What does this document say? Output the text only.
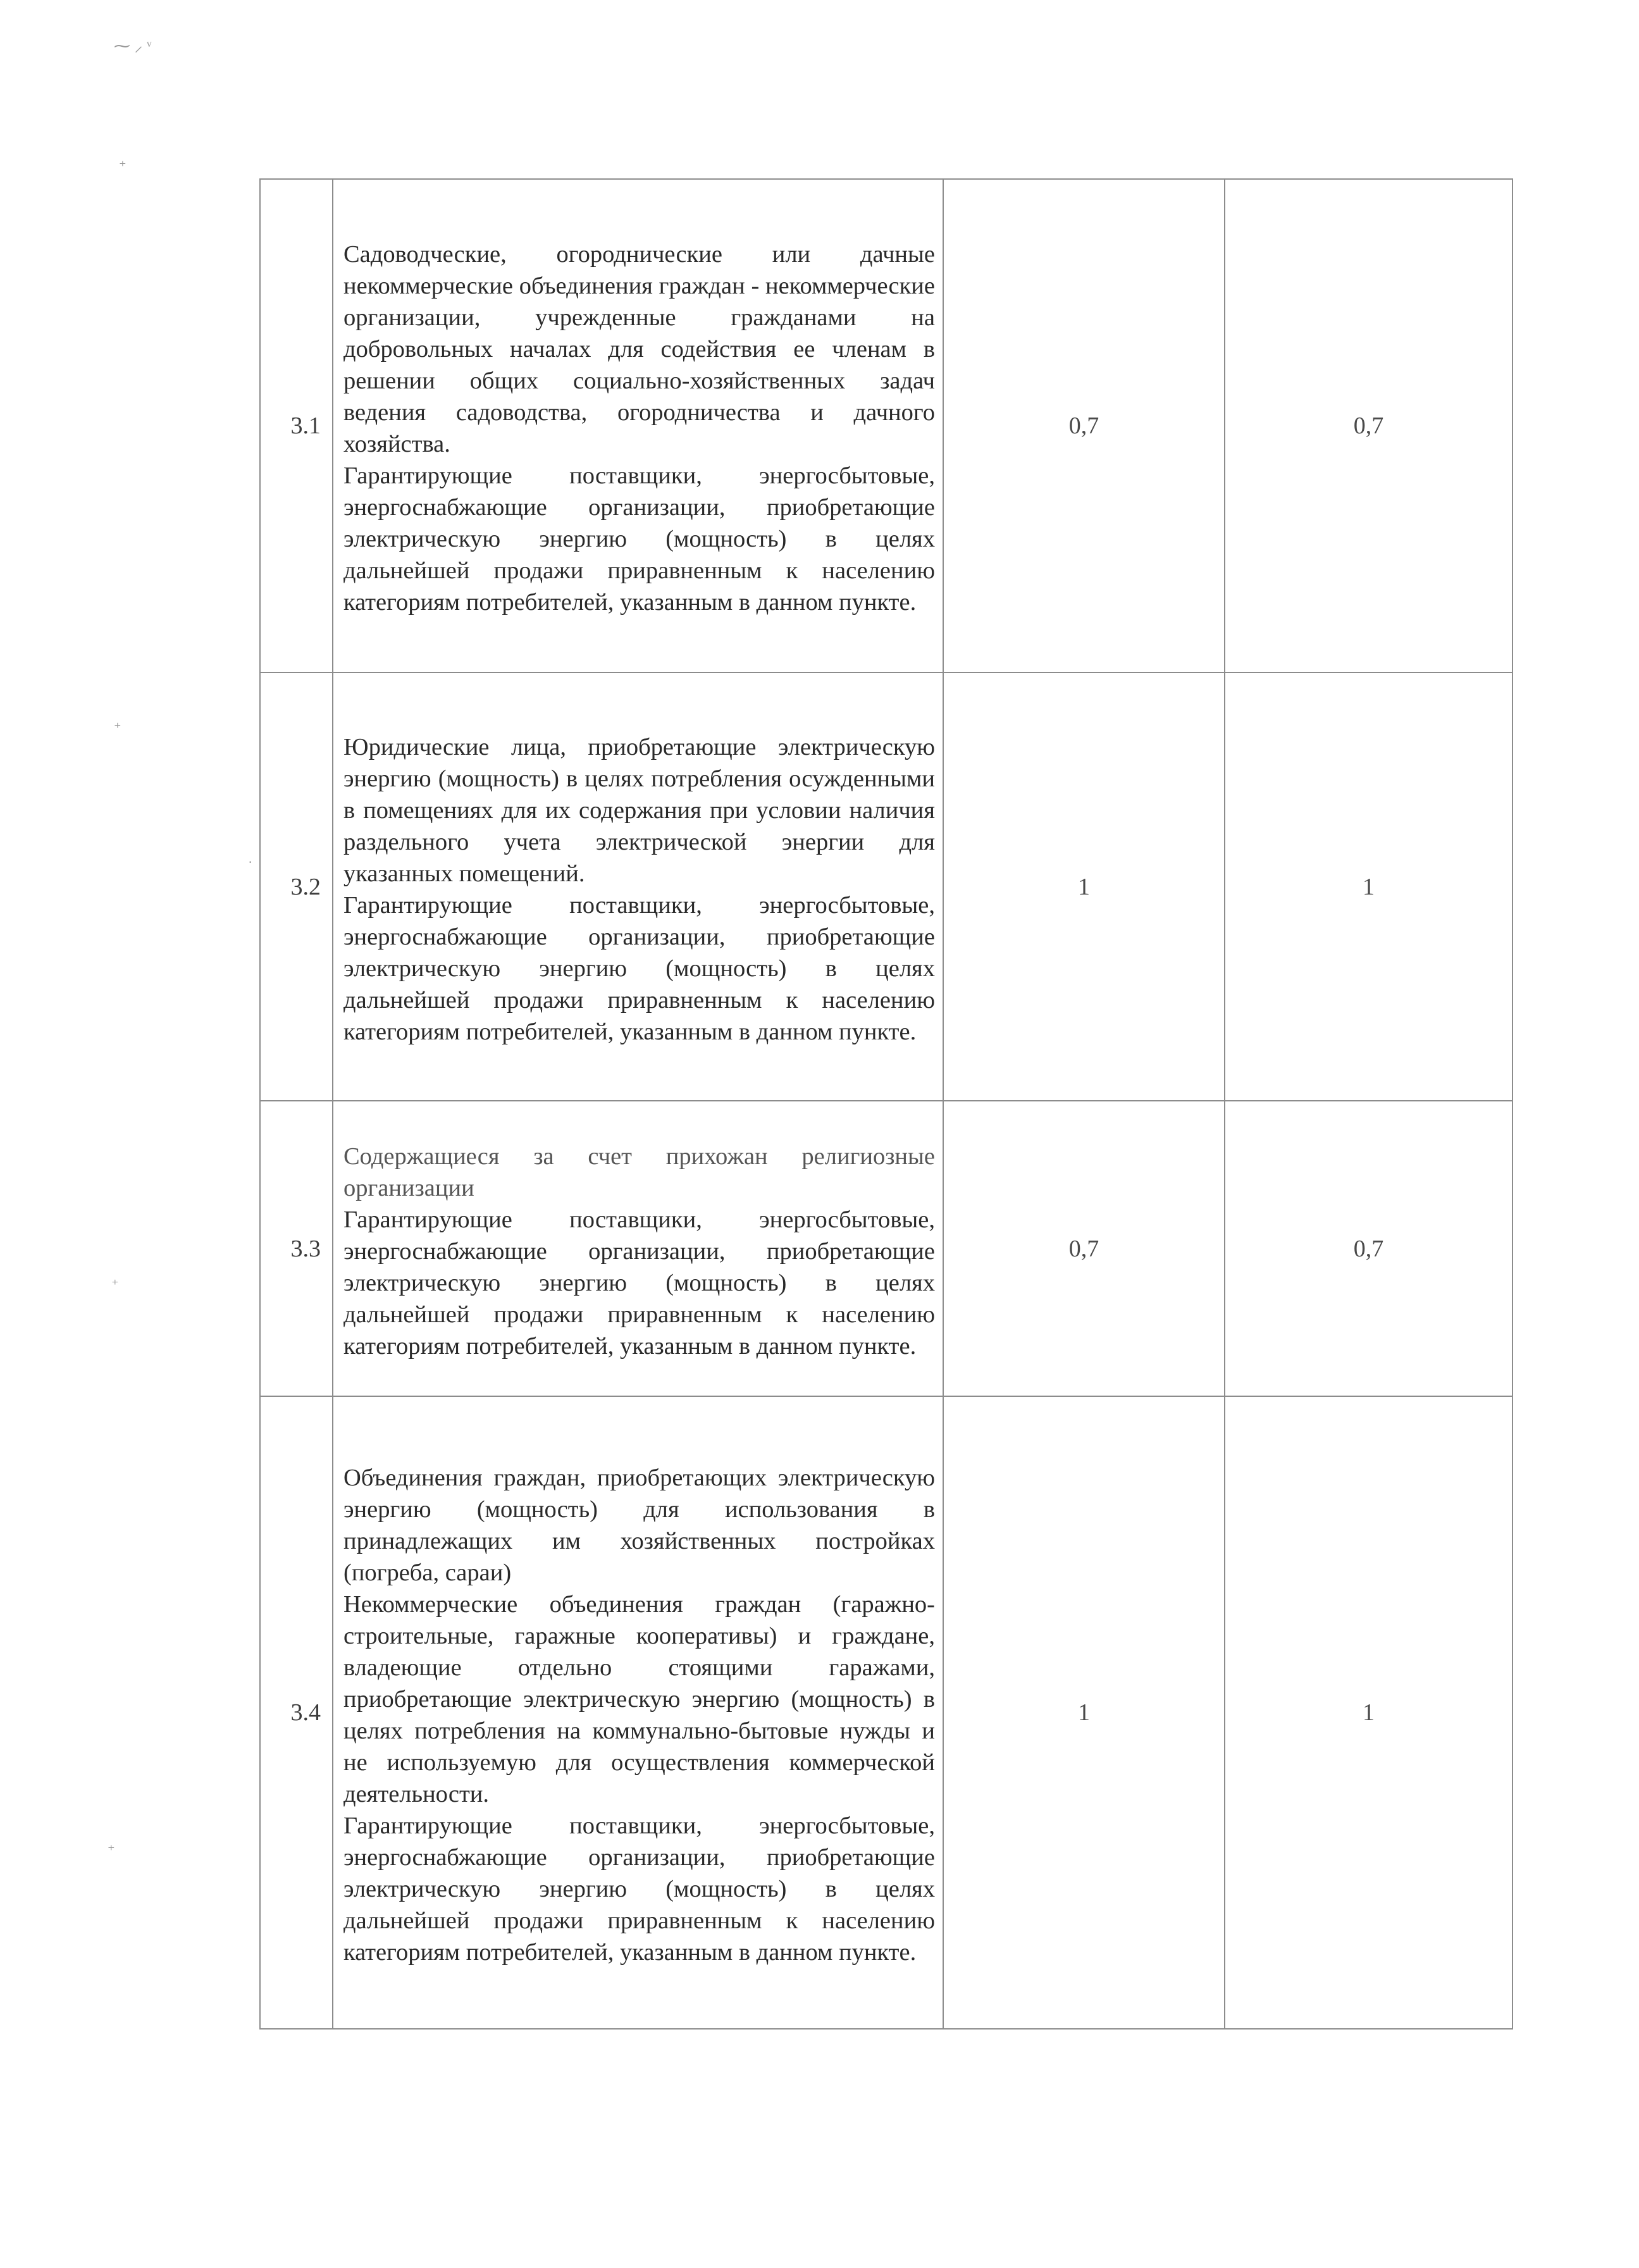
⁓ ⸝ ᵛ
⁺
⁺
·
⁺
⁺
3.1	Садоводческие, огороднические или дачные некоммерческие объединения граждан - некоммерческие организации, учрежденные гражданами на добровольных началах для содействия ее членам в решении общих социально-хозяйственных задач ведения садоводства, огородничества и дачного хозяйства.

Гарантирующие поставщики, энергосбытовые, энергоснабжающие организации, приобретающие электрическую энергию (мощность) в целях дальнейшей продажи приравненным к населению категориям потребителей, указанным в данном пункте.	0,7	0,7
3.2	Юридические лица, приобретающие электрическую энергию (мощность) в целях потребления осужденными в помещениях для их содержания при условии наличия раздельного учета электрической энергии для указанных помещений.

Гарантирующие поставщики, энергосбытовые, энергоснабжающие организации, приобретающие электрическую энергию (мощность) в целях дальнейшей продажи приравненным к населению категориям потребителей, указанным в данном пункте.	1	1
3.3	Содержащиеся за счет прихожан религиозные организации

Гарантирующие поставщики, энергосбытовые, энергоснабжающие организации, приобретающие электрическую энергию (мощность) в целях дальнейшей продажи приравненным к населению категориям потребителей, указанным в данном пункте.	0,7	0,7
3.4	Объединения граждан, приобретающих электрическую энергию (мощность) для использования в принадлежащих им хозяйственных постройках (погреба, сараи)

Некоммерческие объединения граждан (гаражно-строительные, гаражные кооперативы) и граждане, владеющие отдельно стоящими гаражами, приобретающие электрическую энергию (мощность) в целях потребления на коммунально-бытовые нужды и не используемую для осуществления коммерческой деятельности.

Гарантирующие поставщики, энергосбытовые, энергоснабжающие организации, приобретающие электрическую энергию (мощность) в целях дальнейшей продажи приравненным к населению категориям потребителей, указанным в данном пункте.	1	1
